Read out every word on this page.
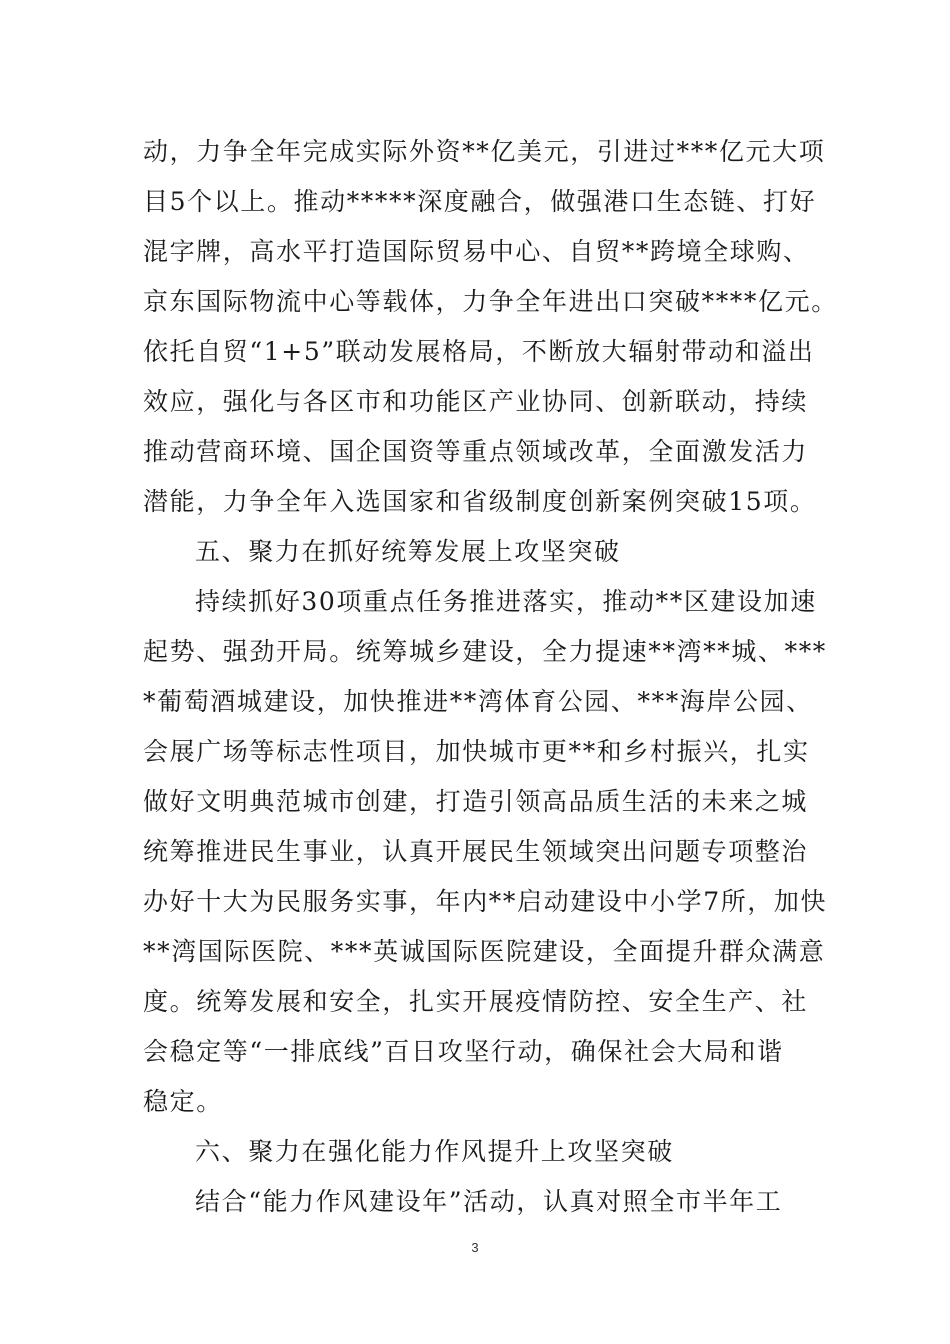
动，力争全年完成实际外资**亿美元，引进过***亿元大项
目5个以上。推动*****深度融合，做强港口生态链、打好
混字牌，高水平打造国际贸易中心、自贸**跨境全球购、
京东国际物流中心等载体，力争全年进出口突破****亿元。
依托自贸“1+5”联动发展格局，不断放大辐射带动和溢出
效应，强化与各区市和功能区产业协同、创新联动，持续
推动营商环境、国企国资等重点领域改革，全面激发活力
潜能，力争全年入选国家和省级制度创新案例突破15项。
五、聚力在抓好统筹发展上攻坚突破
持续抓好30项重点任务推进落实，推动**区建设加速
起势、强劲开局。统筹城乡建设，全力提速**湾**城、***
*葡萄酒城建设，加快推进**湾体育公园、***海岸公园、
会展广场等标志性项目，加快城市更**和乡村振兴，扎实
做好文明典范城市创建，打造引领高品质生活的未来之城
统筹推进民生事业，认真开展民生领域突出问题专项整治
办好十大为民服务实事，年内**启动建设中小学7所，加快
**湾国际医院、***英诚国际医院建设，全面提升群众满意
度。统筹发展和安全，扎实开展疫情防控、安全生产、社
会稳定等“一排底线”百日攻坚行动，确保社会大局和谐
稳定。
六、聚力在强化能力作风提升上攻坚突破
结合“能力作风建设年”活动，认真对照全市半年工
3
